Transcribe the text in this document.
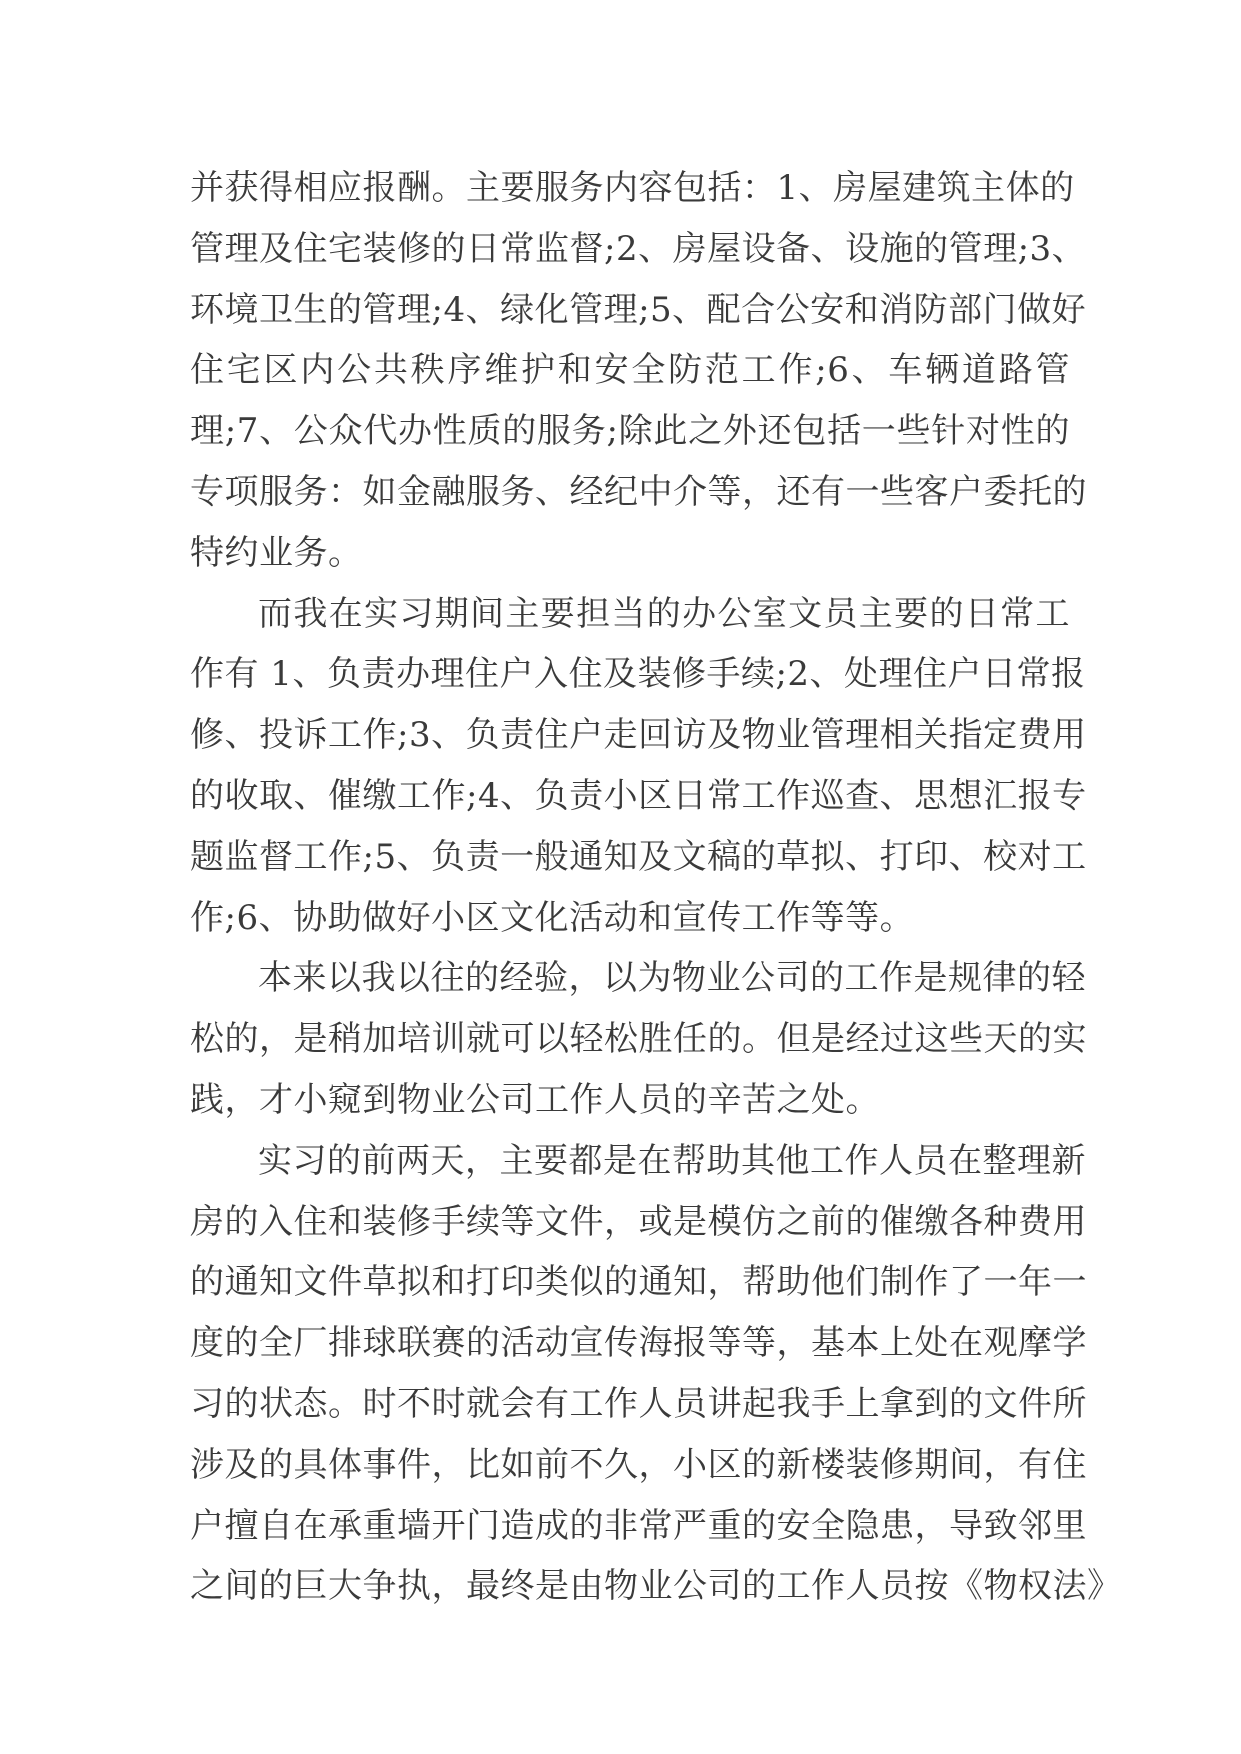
并获得相应报酬。主要服务内容包括：1、房屋建筑主体的
管理及住宅装修的日常监督;2、房屋设备、设施的管理;3、
环境卫生的管理;4、绿化管理;5、配合公安和消防部门做好
住宅区内公共秩序维护和安全防范工作;6、车辆道路管
理;7、公众代办性质的服务;除此之外还包括一些针对性的
专项服务：如金融服务、经纪中介等，还有一些客户委托的
特约业务。
而我在实习期间主要担当的办公室文员主要的日常工
作有 1、负责办理住户入住及装修手续;2、处理住户日常报
修、投诉工作;3、负责住户走回访及物业管理相关指定费用
的收取、催缴工作;4、负责小区日常工作巡查、思想汇报专
题监督工作;5、负责一般通知及文稿的草拟、打印、校对工
作;6、协助做好小区文化活动和宣传工作等等。
本来以我以往的经验，以为物业公司的工作是规律的轻
松的，是稍加培训就可以轻松胜任的。但是经过这些天的实
践，才小窥到物业公司工作人员的辛苦之处。
实习的前两天，主要都是在帮助其他工作人员在整理新
房的入住和装修手续等文件，或是模仿之前的催缴各种费用
的通知文件草拟和打印类似的通知，帮助他们制作了一年一
度的全厂排球联赛的活动宣传海报等等，基本上处在观摩学
习的状态。时不时就会有工作人员讲起我手上拿到的文件所
涉及的具体事件，比如前不久，小区的新楼装修期间，有住
户擅自在承重墙开门造成的非常严重的安全隐患，导致邻里
之间的巨大争执，最终是由物业公司的工作人员按《物权法》
